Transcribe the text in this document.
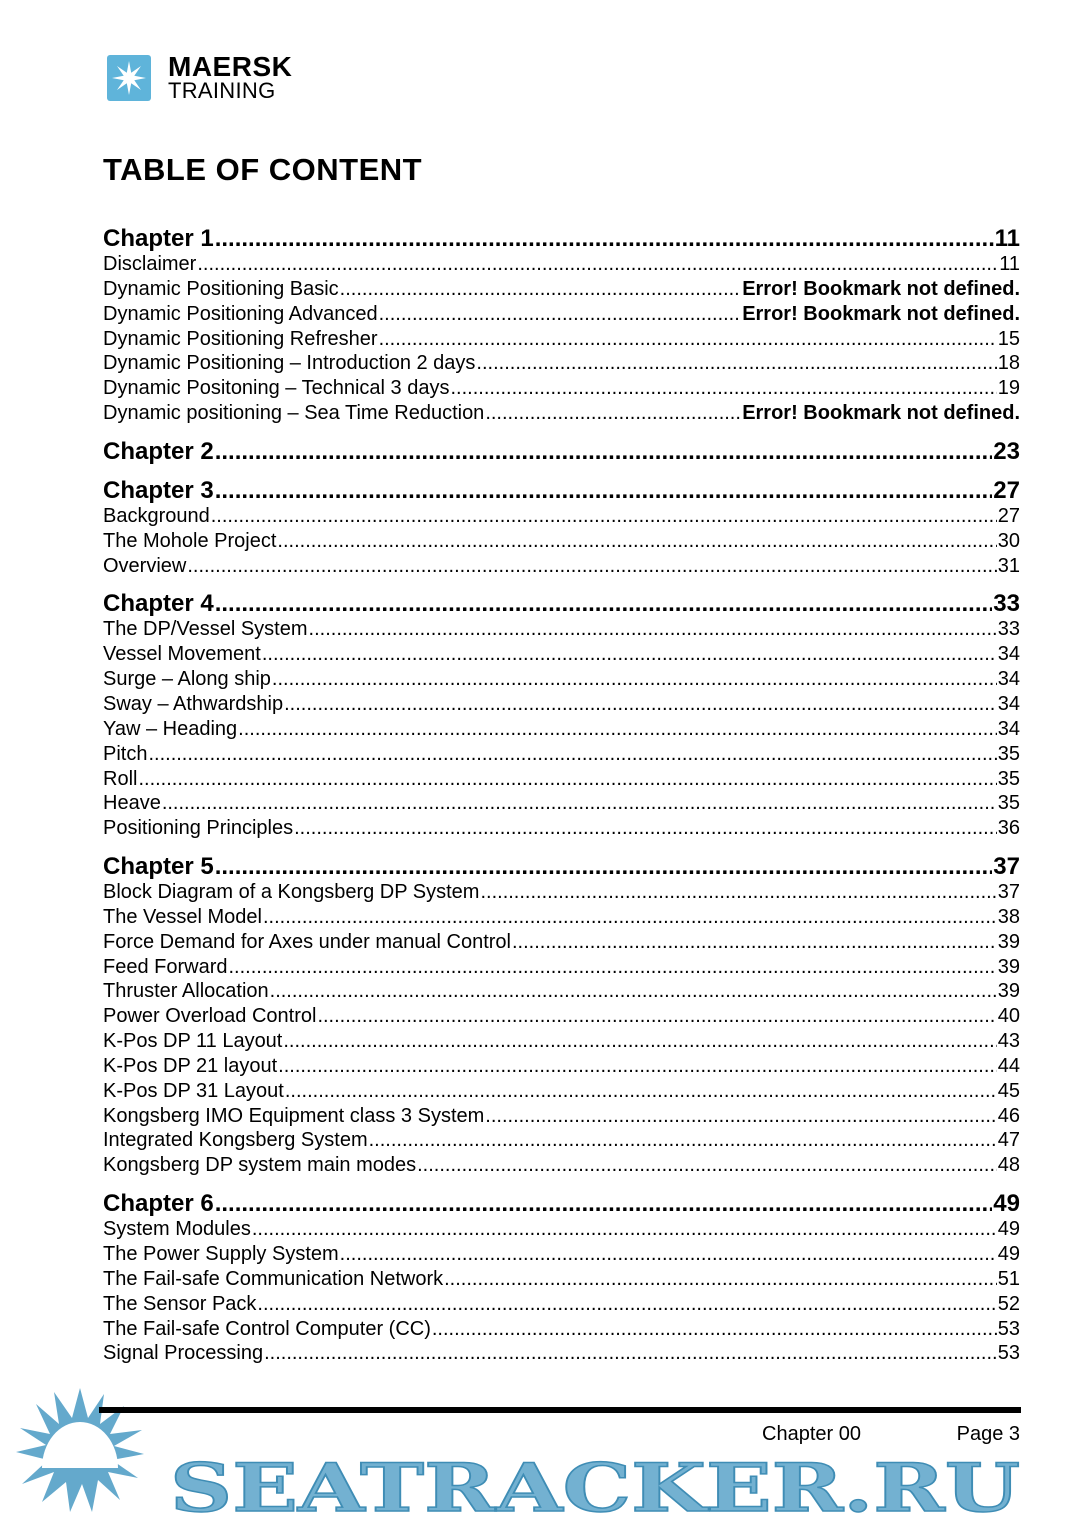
MAERSK
TRAINING
TABLE OF CONTENT
Chapter 1 .....	11
Disclaimer .....	11
Dynamic Positioning Basic .....	Error! Bookmark not defined.
Dynamic Positioning Advanced .....	Error! Bookmark not defined.
Dynamic Positioning Refresher .....	15
Dynamic Positioning – Introduction 2 days .....	18
Dynamic Positoning – Technical 3 days .....	19
Dynamic positioning – Sea Time Reduction .....	Error! Bookmark not defined.
Chapter 2 .....	23
Chapter 3 .....	27
Background .....	27
The Mohole Project .....	30
Overview .....	31
Chapter 4 .....	33
The DP/Vessel System .....	33
Vessel Movement .....	34
Surge – Along ship .....	34
Sway – Athwardship .....	34
Yaw – Heading .....	34
Pitch .....	35
Roll .....	35
Heave .....	35
Positioning Principles .....	36
Chapter 5 .....	37
Block Diagram of a Kongsberg DP System .....	37
The Vessel Model .....	38
Force Demand for Axes under manual Control .....	39
Feed Forward .....	39
Thruster Allocation .....	39
Power Overload Control .....	40
K-Pos DP 11 Layout .....	43
K-Pos DP 21 layout .....	44
K-Pos DP 31 Layout .....	45
Kongsberg IMO Equipment class 3 System .....	46
Integrated Kongsberg System .....	47
Kongsberg DP system main modes .....	48
Chapter 6 .....	49
System Modules .....	49
The Power Supply System .....	49
The Fail-safe Communication Network .....	51
The Sensor Pack .....	52
The Fail-safe Control Computer (CC) .....	53
Signal Processing .....	53
SEATRACKER.RU
Chapter 00	Page 3
